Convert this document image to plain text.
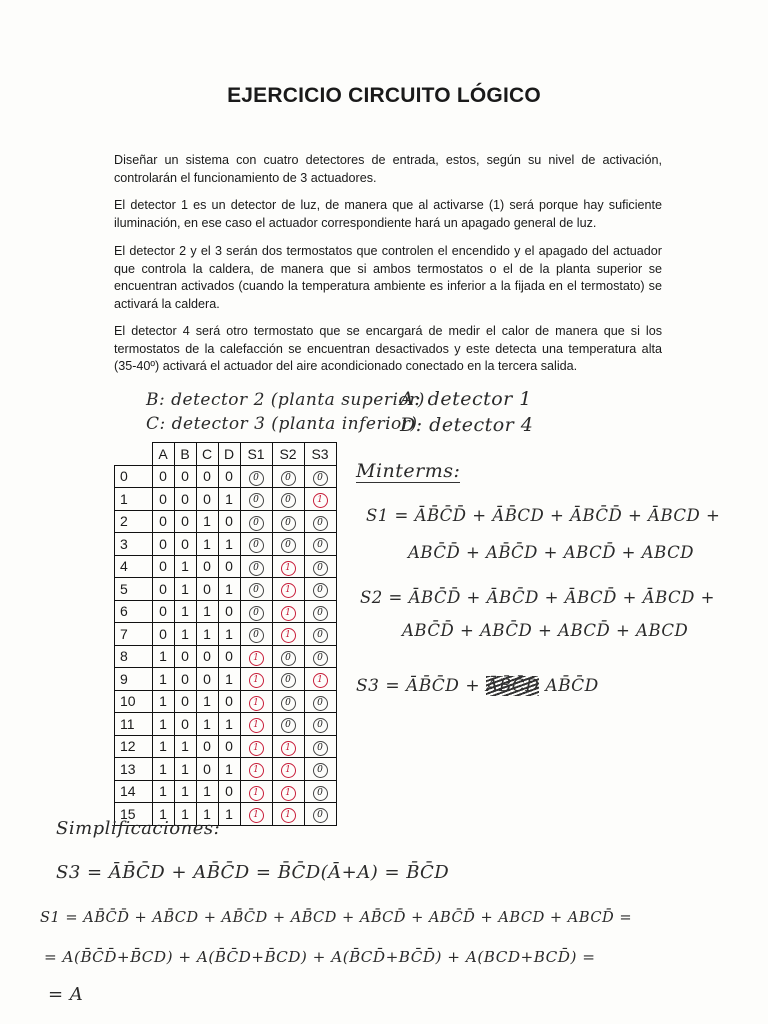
EJERCICIO CIRCUITO LÓGICO
Diseñar un sistema con cuatro detectores de entrada, estos, según su nivel de activación, controlarán el funcionamiento de 3 actuadores.
El detector 1 es un detector de luz, de manera que al activarse (1) será porque hay suficiente iluminación, en ese caso el actuador correspondiente hará un apagado general de luz.
El detector 2 y el 3 serán dos termostatos que controlen el encendido y el apagado del actuador que controla la caldera, de manera que si ambos termostatos o el de la planta superior se encuentran activados (cuando la temperatura ambiente es inferior a la fijada en el termostato) se activará la caldera.
El detector 4 será otro termostato que se encargará de medir el calor de manera que si los termostatos de la calefacción se encuentran desactivados y este detecta una temperatura alta (35-40º) activará el actuador del aire acondicionado conectado en la tercera salida.
B: detector 2 (planta superior)
C: detector 3 (planta inferior)
A: detector 1
D: detector 4
	A	B	C	D	S1	S2	S3
0	0	0	0	0	0	0	0
1	0	0	0	1	0	0	1
2	0	0	1	0	0	0	0
3	0	0	1	1	0	0	0
4	0	1	0	0	0	1	0
5	0	1	0	1	0	1	0
6	0	1	1	0	0	1	0
7	0	1	1	1	0	1	0
8	1	0	0	0	1	0	0
9	1	0	0	1	1	0	1
10	1	0	1	0	1	0	0
11	1	0	1	1	1	0	0
12	1	1	0	0	1	1	0
13	1	1	0	1	1	1	0
14	1	1	1	0	1	1	0
15	1	1	1	1	1	1	0
Minterms:
S1 = ĀB̄C̄D̄ + ĀB̄CD + ĀBC̄D̄ + ĀBCD +
ABC̄D̄ + AB̄C̄D + ABCD̄ + ABCD
S2 = ĀBC̄D̄ + ĀBC̄D + ĀBCD̄ + ĀBCD +
ABC̄D̄ + ABC̄D + ABCD̄ + ABCD
S3 = ĀB̄C̄D + ĀB̄C̄D AB̄C̄D
Simplificaciones:
S3 = ĀB̄C̄D + AB̄C̄D = B̄C̄D(Ā+A) = B̄C̄D
S1 = AB̄C̄D̄ + AB̄CD + AB̄C̄D + AB̄CD + AB̄CD̄ + ABC̄D̄ + ABCD + ABCD̄ =
= A(B̄C̄D̄+B̄CD) + A(B̄C̄D+B̄CD) + A(B̄CD̄+BC̄D̄) + A(BCD+BCD̄) =
= A
